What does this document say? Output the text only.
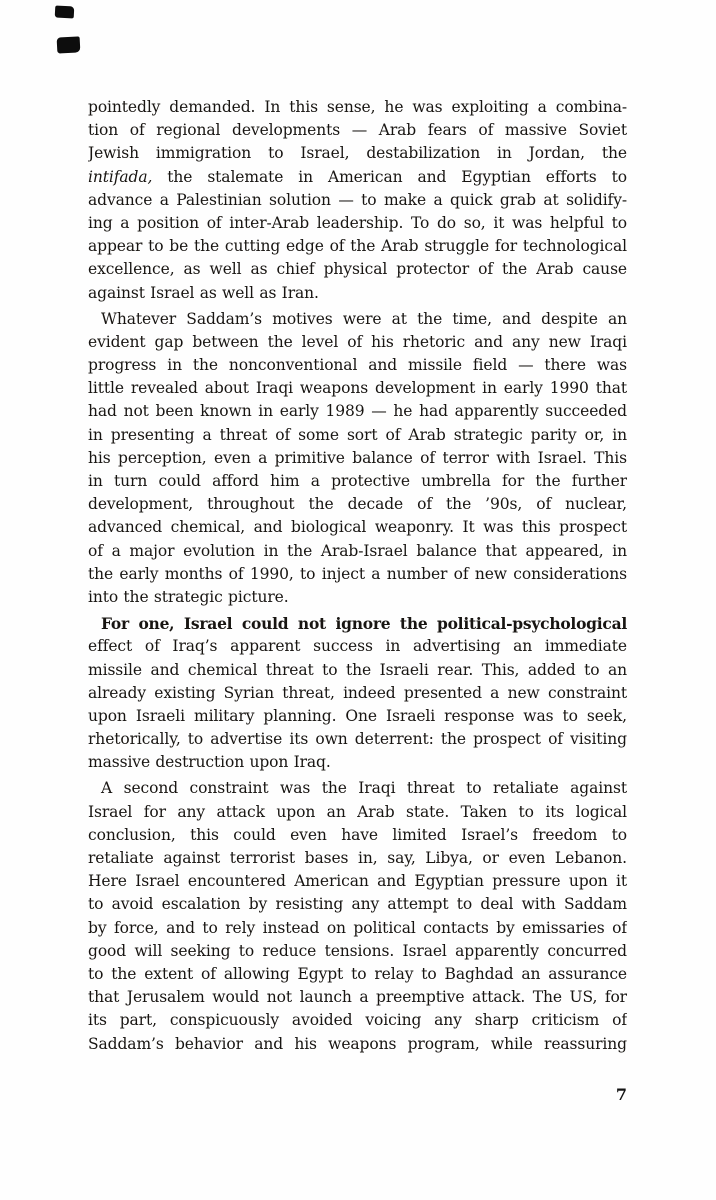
pointedly demanded. In this sense, he was exploiting a combina-
tion of regional developments — Arab fears of massive Soviet
Jewish immigration to Israel, destabilization in Jordan, the
intifada, the stalemate in American and Egyptian efforts to
advance a Palestinian solution — to make a quick grab at solidify-
ing a position of inter-Arab leadership. To do so, it was helpful to
appear to be the cutting edge of the Arab struggle for technological
excellence, as well as chief physical protector of the Arab cause
against Israel as well as Iran.
Whatever Saddam’s motives were at the time, and despite an
evident gap between the level of his rhetoric and any new Iraqi
progress in the nonconventional and missile field — there was
little revealed about Iraqi weapons development in early 1990 that
had not been known in early 1989 — he had apparently succeeded
in presenting a threat of some sort of Arab strategic parity or, in
his perception, even a primitive balance of terror with Israel. This
in turn could afford him a protective umbrella for the further
development, throughout the decade of the ’90s, of nuclear,
advanced chemical, and biological weaponry. It was this prospect
of a major evolution in the Arab-Israel balance that appeared, in
the early months of 1990, to inject a number of new considerations
into the strategic picture.
For one, Israel could not ignore the political-psychological
effect of Iraq’s apparent success in advertising an immediate
missile and chemical threat to the Israeli rear. This, added to an
already existing Syrian threat, indeed presented a new constraint
upon Israeli military planning. One Israeli response was to seek,
rhetorically, to advertise its own deterrent: the prospect of visiting
massive destruction upon Iraq.
A second constraint was the Iraqi threat to retaliate against
Israel for any attack upon an Arab state. Taken to its logical
conclusion, this could even have limited Israel’s freedom to
retaliate against terrorist bases in, say, Libya, or even Lebanon.
Here Israel encountered American and Egyptian pressure upon it
to avoid escalation by resisting any attempt to deal with Saddam
by force, and to rely instead on political contacts by emissaries of
good will seeking to reduce tensions. Israel apparently concurred
to the extent of allowing Egypt to relay to Baghdad an assurance
that Jerusalem would not launch a preemptive attack. The US, for
its part, conspicuously avoided voicing any sharp criticism of
Saddam’s behavior and his weapons program, while reassuring
7
